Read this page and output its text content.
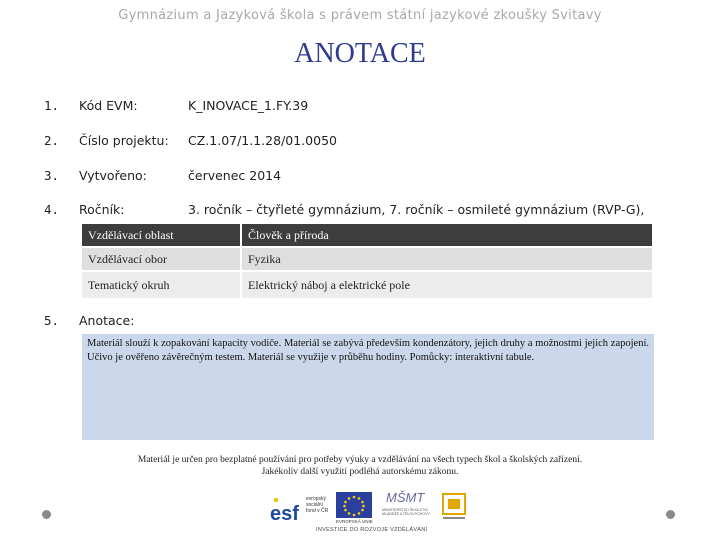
Gymnázium a Jazyková škola s právem státní jazykové zkoušky Svitavy
ANOTACE
1. Kód EVM:	K_INOVACE_1.FY.39
2. Číslo projektu: CZ.1.07/1.1.28/01.0050
3. Vytvořeno:	červenec 2014
4. Ročník:	3. ročník – čtyřleté gymnázium, 7. ročník – osmileté gymnázium (RVP-G),
Vzdělávací oblast	Člověk a příroda
Vzdělávací obor	Fyzika
Tematický okruh	Elektrický náboj a elektrické pole
5. Anotace:
Materiál slouží k zopakování kapacity vodiče. Materiál se zabývá především kondenzátory, jejich druhy a možnostmi jejich zapojení. Učivo je ověřeno závěrečným testem. Materiál se využije v průběhu hodiny. Pomůcky: interaktivní tabule.
Materiál je určen pro bezplatné používání pro potřeby výuky a vzdělávání na všech typech škol a školských zařízení.
Jakékoliv další využití podléhá autorskému zákonu.
esf
evropský sociální fond v ČR
EVROPSKÁ UNIE
MŠMT
MINISTERSTVO ŠKOLSTVÍ, MLÁDEŽE A TĚLOVÝCHOVY
INVESTICE DO ROZVOJE VZDĚLÁVÁNÍ
